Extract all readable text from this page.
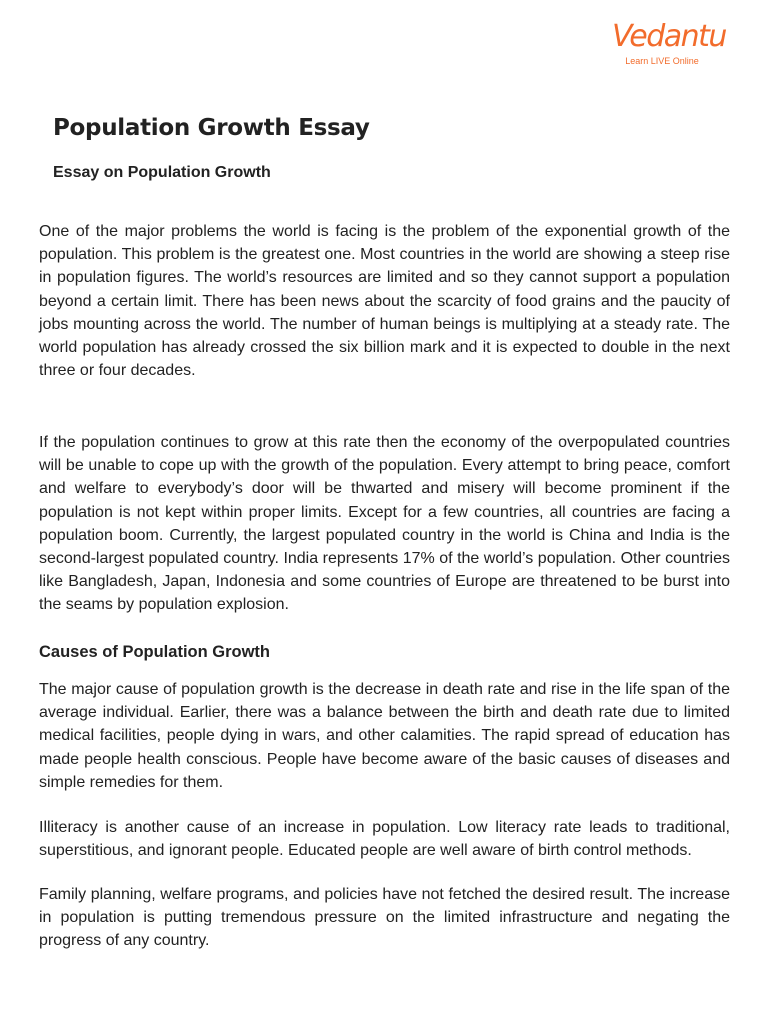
Vedantu
Learn LIVE Online
Population Growth Essay
Essay on Population Growth

One of the major problems the world is facing is the problem of the exponential growth of the population. This problem is the greatest one. Most countries in the world are showing a steep rise in population figures. The world’s resources are limited and so they cannot support a population beyond a certain limit. There has been news about the scarcity of food grains and the paucity of jobs mounting across the world. The number of human beings is multiplying at a steady rate. The world population has already crossed the six billion mark and it is expected to double in the next three or four decades.

If the population continues to grow at this rate then the economy of the overpopulated countries will be unable to cope up with the growth of the population. Every attempt to bring peace, comfort and welfare to everybody’s door will be thwarted and misery will become prominent if the population is not kept within proper limits. Except for a few countries, all countries are facing a population boom. Currently, the largest populated country in the world is China and India is the second-largest populated country. India represents 17% of the world’s population. Other countries like Bangladesh, Japan, Indonesia and some countries of Europe are threatened to be burst into the seams by population explosion.

Causes of Population Growth

The major cause of population growth is the decrease in death rate and rise in the life span of the average individual. Earlier, there was a balance between the birth and death rate due to limited medical facilities, people dying in wars, and other calamities. The rapid spread of education has made people health conscious. People have become aware of the basic causes of diseases and simple remedies for them.

Illiteracy is another cause of an increase in population. Low literacy rate leads to traditional, superstitious, and ignorant people. Educated people are well aware of birth control methods.

Family planning, welfare programs, and policies have not fetched the desired result. The increase in population is putting tremendous pressure on the limited infrastructure and negating the progress of any country.
